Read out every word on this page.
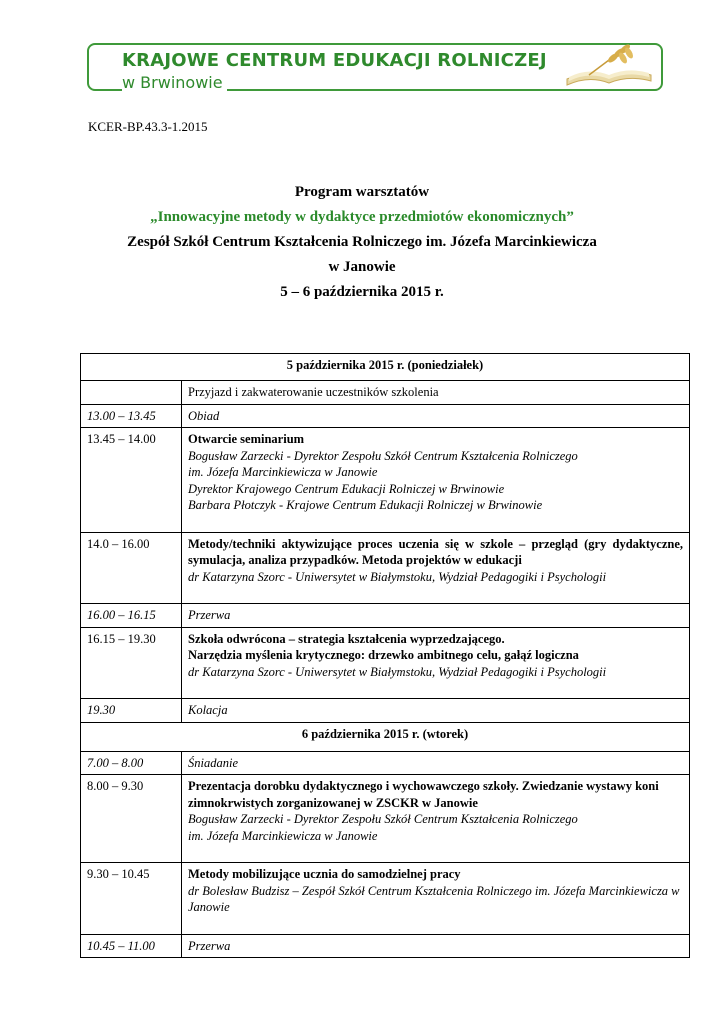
KRAJOWE CENTRUM EDUKACJI ROLNICZEJ

w Brwinowie

KCER-BP.43.3-1.2015
Program warsztatów
„Innowacyjne metody w dydaktyce przedmiotów ekonomicznych”
Zespół Szkół Centrum Kształcenia Rolniczego im. Józefa Marcinkiewicza
w Janowie
5 – 6 października 2015 r.
5 października 2015 r. (poniedziałek)	

	Przyjazd i zakwaterowanie uczestników szkolenia

13.00 – 13.45	Obiad

13.45 – 14.00	Otwarcie seminarium
Bogusław Zarzecki - Dyrektor Zespołu Szkół Centrum Kształcenia Rolniczego
im. Józefa Marcinkiewicza w Janowie
Dyrektor Krajowego Centrum Edukacji Rolniczej w Brwinowie
Barbara Płotczyk - Krajowe Centrum Edukacji Rolniczej w Brwinowie

14.0 – 16.00	Metody/techniki aktywizujące proces uczenia się w szkole – przegląd (gry dydaktyczne, symulacja, analiza przypadków. Metoda projektów w edukacji
dr Katarzyna Szorc - Uniwersytet w Białymstoku, Wydział Pedagogiki i Psychologii

16.00 – 16.15	Przerwa

16.15 – 19.30	Szkoła odwrócona – strategia kształcenia wyprzedzającego.
Narzędzia myślenia krytycznego: drzewko ambitnego celu, gałąź logiczna
dr Katarzyna Szorc - Uniwersytet w Białymstoku, Wydział Pedagogiki i Psychologii

19.30	Kolacja

6 października 2015 r. (wtorek)	
7.00 – 8.00	Śniadanie

8.00 – 9.30	Prezentacja dorobku dydaktycznego i wychowawczego szkoły. Zwiedzanie wystawy koni zimnokrwistych zorganizowanej w ZSCKR w Janowie
Bogusław Zarzecki - Dyrektor Zespołu Szkół Centrum Kształcenia Rolniczego
im. Józefa Marcinkiewicza w Janowie

9.30 – 10.45	Metody mobilizujące ucznia do samodzielnej pracy
dr Bolesław Budzisz – Zespół Szkół Centrum Kształcenia Rolniczego im. Józefa Marcinkiewicza w Janowie

10.45 – 11.00	Przerwa
